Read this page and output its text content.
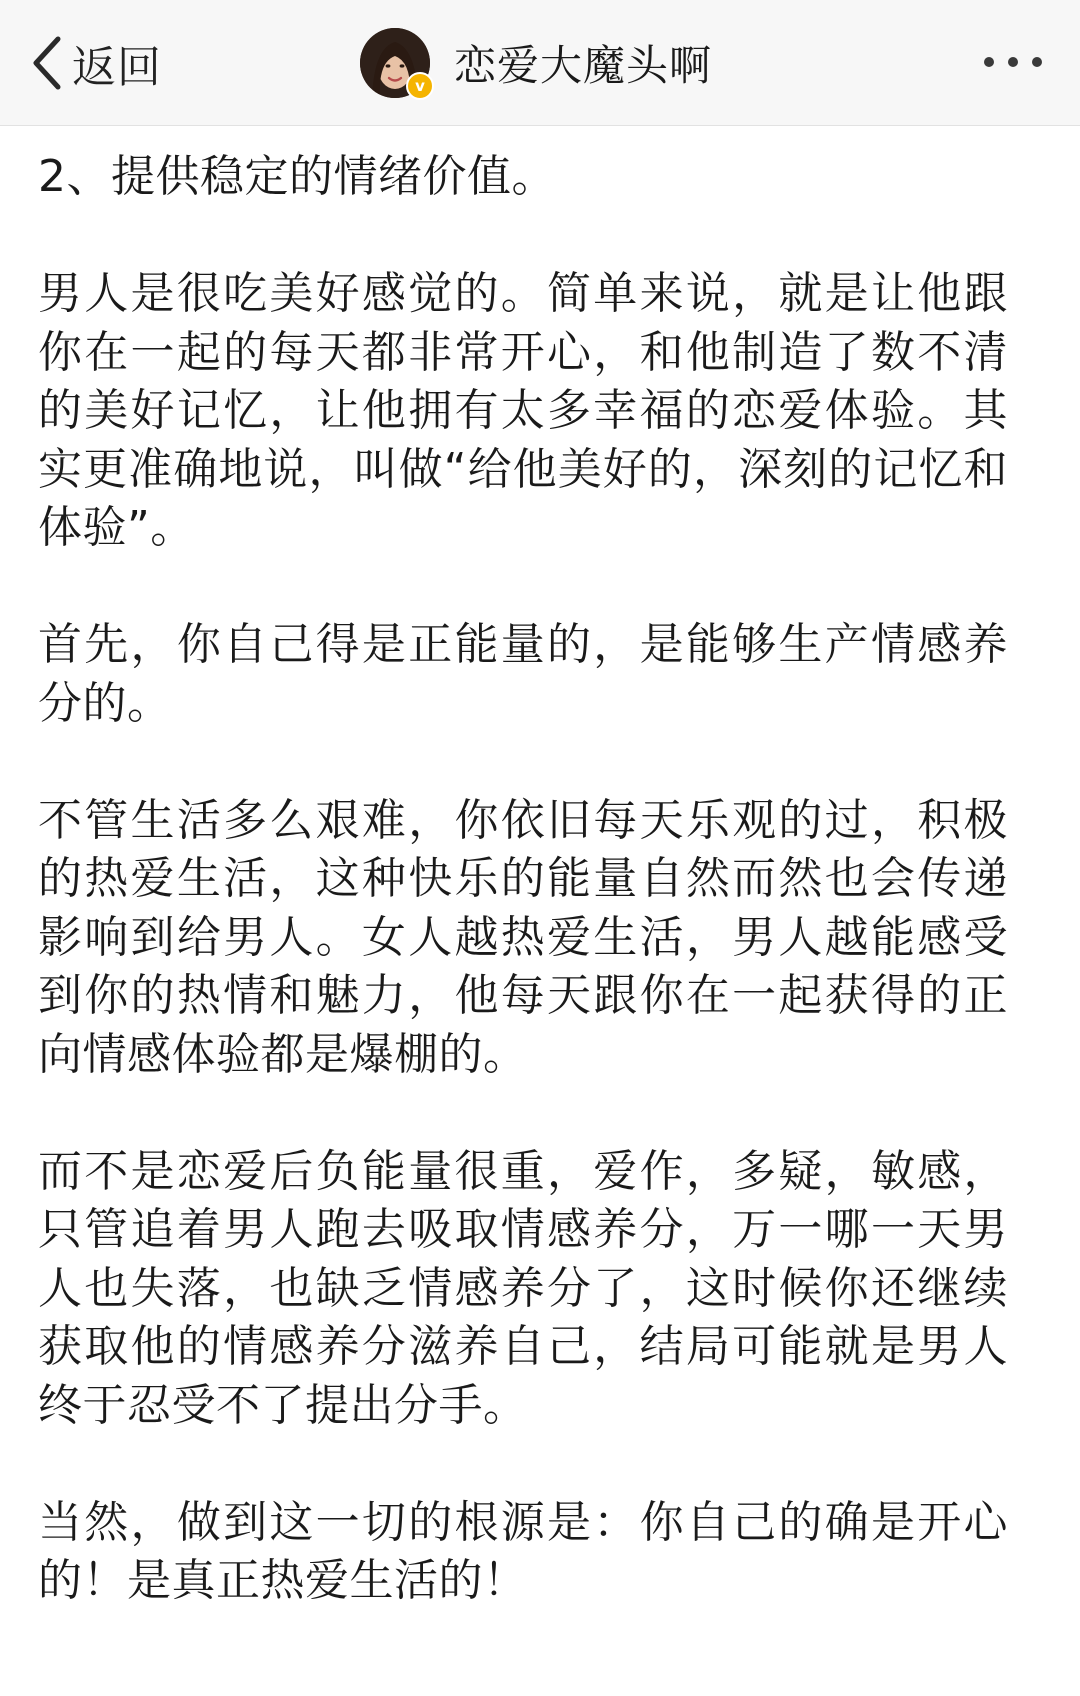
返回	v 恋爱大魔头啊

2、提供稳定的情绪价值。

男人是很吃美好感觉的。简单来说，就是让他跟你在一起的每天都非常开心，和他制造了数不清的美好记忆，让他拥有太多幸福的恋爱体验。其实更准确地说，叫做“给他美好的，深刻的记忆和体验”。

首先，你自己得是正能量的，是能够生产情感养分的。

不管生活多么艰难，你依旧每天乐观的过，积极的热爱生活，这种快乐的能量自然而然也会传递影响到给男人。女人越热爱生活，男人越能感受到你的热情和魅力，他每天跟你在一起获得的正向情感体验都是爆棚的。

而不是恋爱后负能量很重，爱作，多疑，敏感，只管追着男人跑去吸取情感养分，万一哪一天男人也失落，也缺乏情感养分了，这时候你还继续获取他的情感养分滋养自己，结局可能就是男人终于忍受不了提出分手。

当然，做到这一切的根源是：你自己的确是开心的！是真正热爱生活的！
